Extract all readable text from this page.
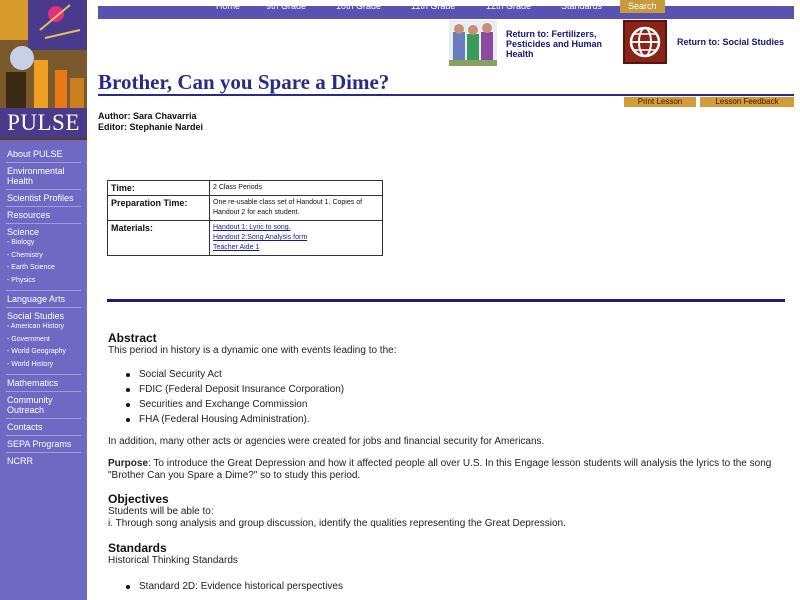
PULSE
About PULSE
Environmental Health
Scientist Profiles
Resources
Science
- Biology
- Chemistry
- Earth Science
- Physics
Language Arts
Social Studies
- American History
- Government
- World Geography
- World History
Mathematics
Community Outreach
Contacts
SEPA Programs
NCRR
Home	9th Grade	10th Grade	11th Grade	12th Grade	Standards	Search
Return to: Fertilizers, Pesticides and Human Health
Return to: Social Studies
Brother, Can you Spare a Dime?
Print Lesson	Lesson Feedback
Author: Sara Chavarria
Editor: Stephanie Nardei
Time:	2 Class Periods
Preparation Time:	One re-usable class set of Handout 1. Copies of Handout 2 for each student.
Materials:	Handout 1: Lyric to song.
Handout 2:Song Analysis form
Teacher Aide 1
Abstract

This period in history is a dynamic one with events leading to the:

Social Security Act
FDIC (Federal Deposit Insurance Corporation)
Securities and Exchange Commission
FHA (Federal Housing Administration).

In addition, many other acts or agencies were created for jobs and financial security for Americans.

Purpose: To introduce the Great Depression and how it affected people all over U.S. In this Engage lesson students will analysis the lyrics to the song "Brother Can you Spare a Dime?" so to study this period.

Objectives

Students will be able to:

i. Through song analysis and group discussion, identify the qualities representing the Great Depression.

Standards

Historical Thinking Standards

Standard 2D: Evidence historical perspectives
